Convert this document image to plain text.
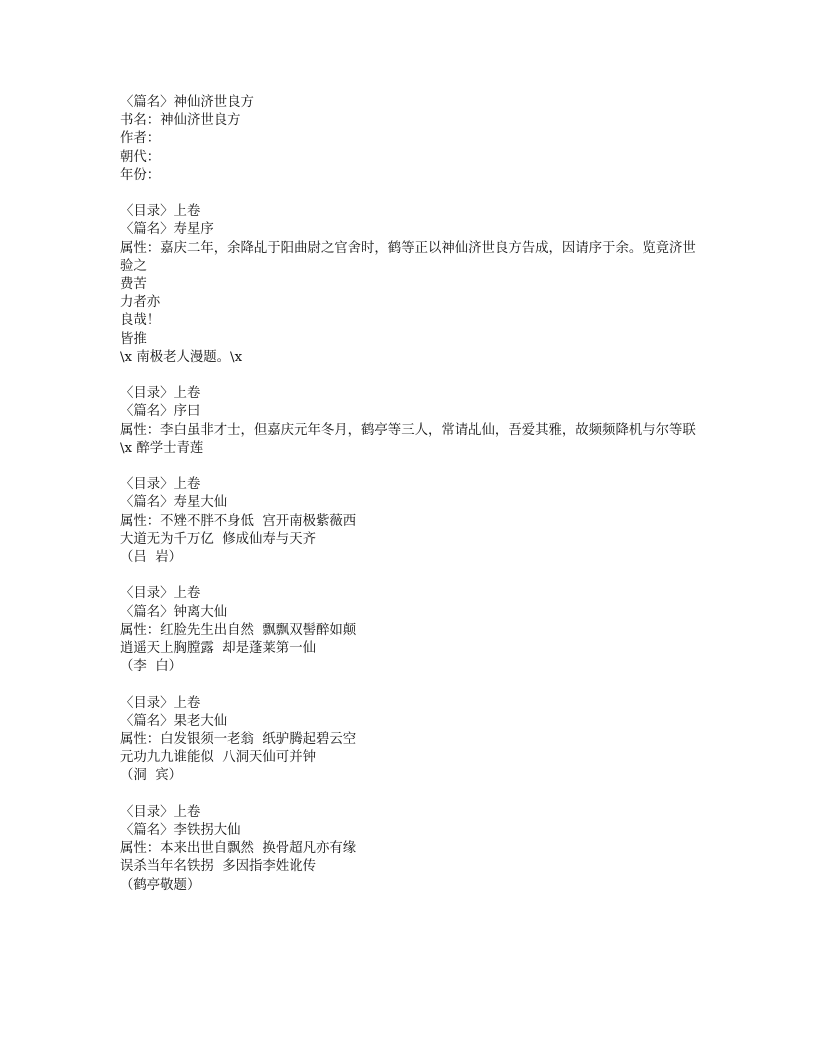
〈篇名〉神仙济世良方
书名：神仙济世良方
作者：
朝代：
年份：
〈目录〉上卷
〈篇名〉寿星序
属性：嘉庆二年，余降乩于阳曲尉之官舍时，鹤等正以神仙济世良方告成，因请序于余。览竟济世
验之
费苦
力者亦
良哉！
皆推
\x 南极老人漫题。\x
〈目录〉上卷
〈篇名〉序曰
属性：李白虽非才士，但嘉庆元年冬月，鹤亭等三人，常请乩仙，吾爱其雅，故频频降机与尔等联
\x 醉学士青莲
〈目录〉上卷
〈篇名〉寿星大仙
属性：不矬不胖不身低  宫开南极紫薇西
大道无为千万亿  修成仙寿与天齐
（吕  岩）
〈目录〉上卷
〈篇名〉钟离大仙
属性：红脸先生出自然  飘飘双髻醉如颠
逍遥天上胸膛露  却是蓬莱第一仙
（李  白）
〈目录〉上卷
〈篇名〉果老大仙
属性：白发银须一老翁  纸驴腾起碧云空
元功九九谁能似  八洞天仙可并钟
（洞  宾）
〈目录〉上卷
〈篇名〉李铁拐大仙
属性：本来出世自飘然  换骨超凡亦有缘
误杀当年名铁拐  多因指李姓讹传
（鹤亭敬题）
